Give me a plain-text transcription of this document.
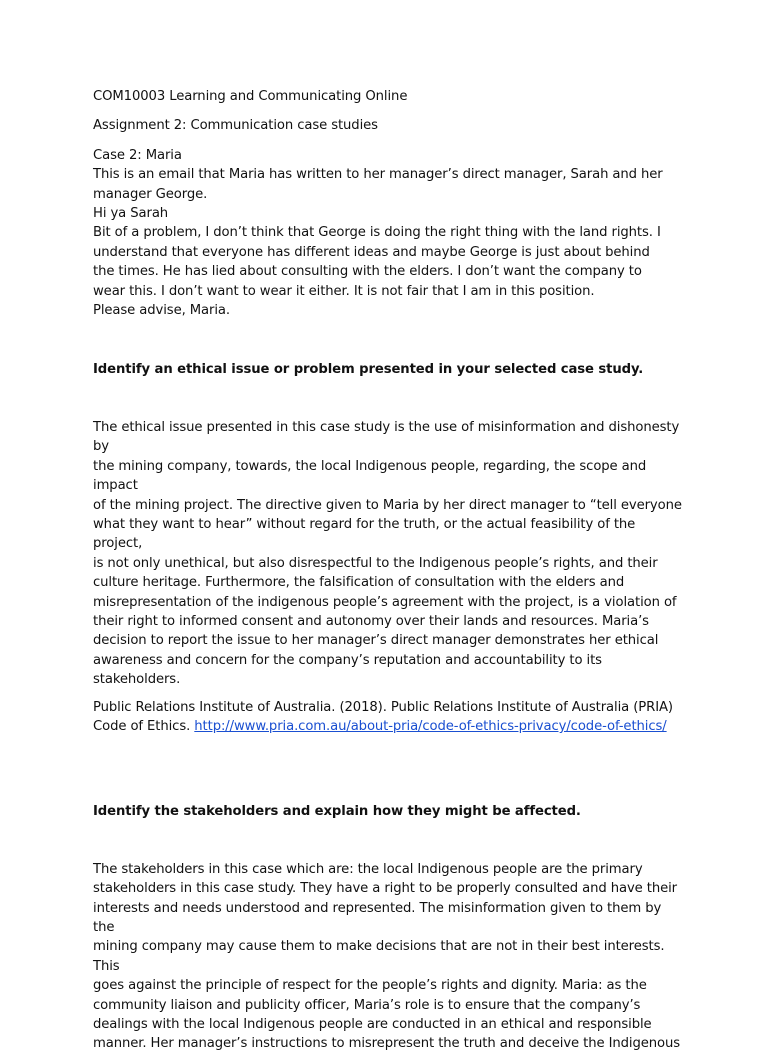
COM10003 Learning and Communicating Online

Assignment 2: Communication case studies

Case 2: Maria
This is an email that Maria has written to her manager’s direct manager, Sarah and her
manager George.
Hi ya Sarah
Bit of a problem, I don’t think that George is doing the right thing with the land rights. I
understand that everyone has different ideas and maybe George is just about behind
the times. He has lied about consulting with the elders. I don’t want the company to
wear this. I don’t want to wear it either. It is not fair that I am in this position.
Please advise, Maria.

Identify an ethical issue or problem presented in your selected case study.

The ethical issue presented in this case study is the use of misinformation and dishonesty by
the mining company, towards, the local Indigenous people, regarding, the scope and impact
of the mining project. The directive given to Maria by her direct manager to “tell everyone
what they want to hear” without regard for the truth, or the actual feasibility of the project,
is not only unethical, but also disrespectful to the Indigenous people’s rights, and their
culture heritage. Furthermore, the falsification of consultation with the elders and
misrepresentation of the indigenous people’s agreement with the project, is a violation of
their right to informed consent and autonomy over their lands and resources. Maria’s
decision to report the issue to her manager’s direct manager demonstrates her ethical
awareness and concern for the company’s reputation and accountability to its stakeholders.

Public Relations Institute of Australia. (2018). Public Relations Institute of Australia (PRIA)
Code of Ethics. http://www.pria.com.au/about-pria/code-of-ethics-privacy/code-of-ethics/

Identify the stakeholders and explain how they might be affected.

The stakeholders in this case which are: the local Indigenous people are the primary
stakeholders in this case study. They have a right to be properly consulted and have their
interests and needs understood and represented. The misinformation given to them by the
mining company may cause them to make decisions that are not in their best interests. This
goes against the principle of respect for the people’s rights and dignity. Maria: as the
community liaison and publicity officer, Maria’s role is to ensure that the company’s
dealings with the local Indigenous people are conducted in an ethical and responsible
manner. Her manager’s instructions to misrepresent the truth and deceive the Indigenous
